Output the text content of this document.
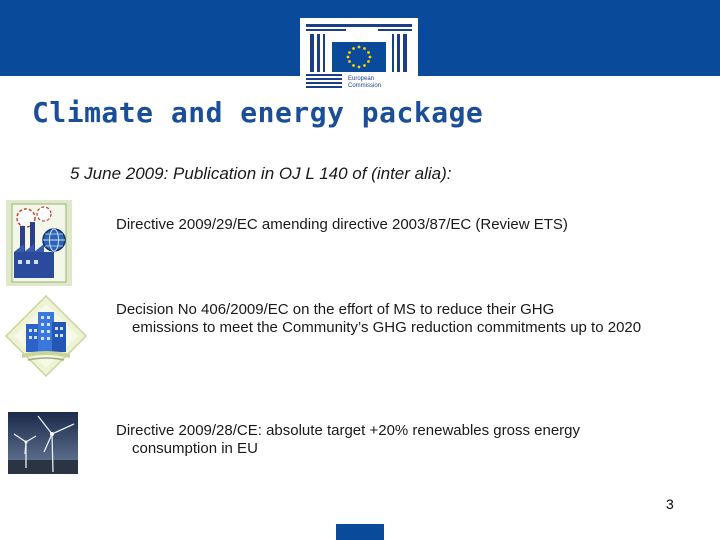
European
Commission
Climate and energy package
5 June 2009: Publication in OJ L 140 of (inter alia):
Directive 2009/29/EC amending directive 2003/87/EC (Review ETS)
Decision No 406/2009/EC on the effort of MS to reduce their GHG
emissions to meet the Community’s GHG reduction commitments up to 2020
Directive 2009/28/CE: absolute target +20% renewables gross energy
consumption in EU
3
